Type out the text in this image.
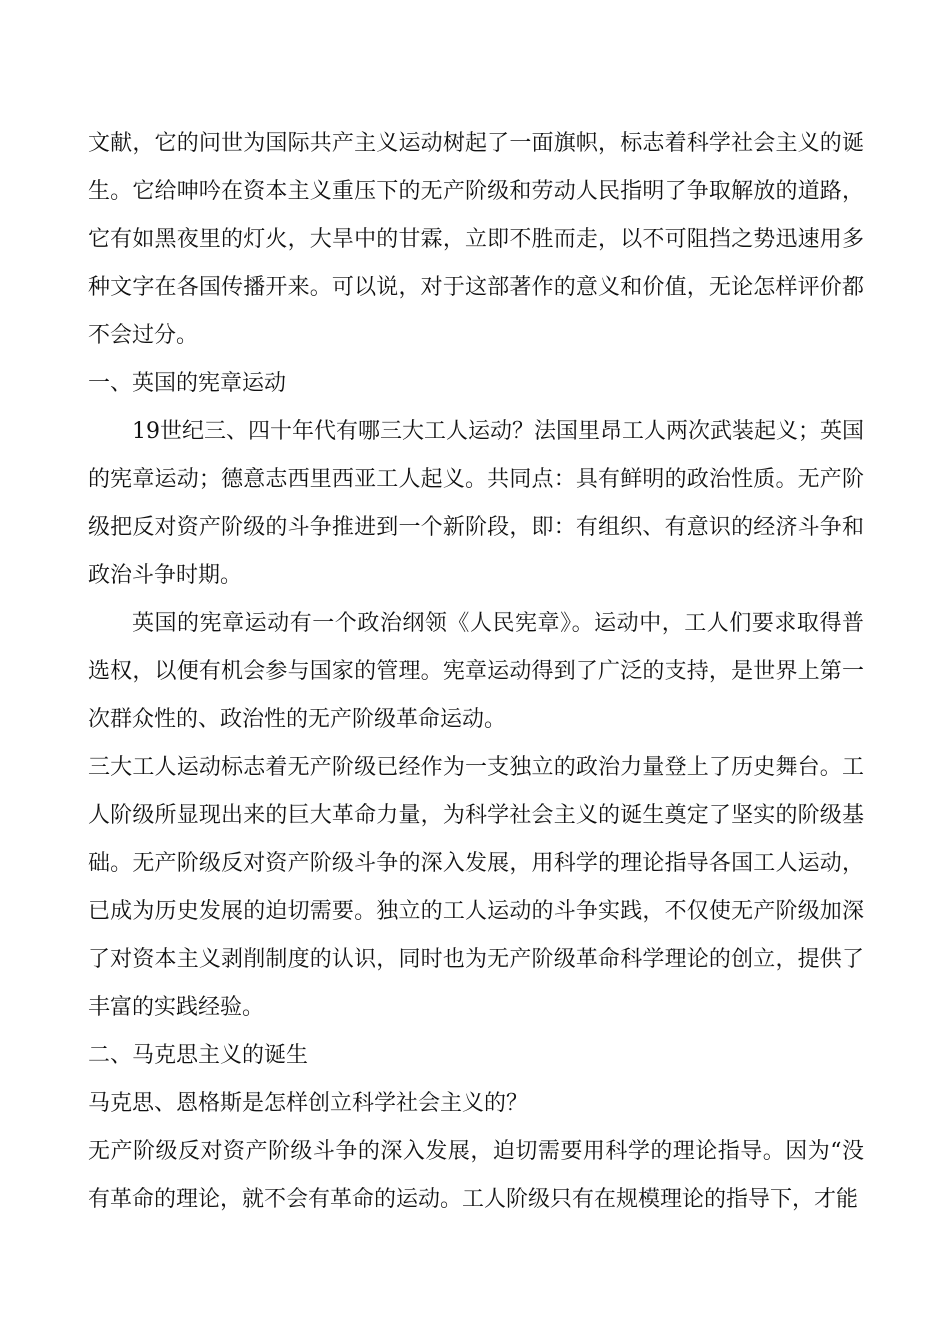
文献，它的问世为国际共产主义运动树起了一面旗帜，标志着科学社会主义的诞生。它给呻吟在资本主义重压下的无产阶级和劳动人民指明了争取解放的道路，它有如黑夜里的灯火，大旱中的甘霖，立即不胜而走，以不可阻挡之势迅速用多种文字在各国传播开来。可以说，对于这部著作的意义和价值，无论怎样评价都不会过分。

一、英国的宪章运动

19世纪三、四十年代有哪三大工人运动？法国里昂工人两次武装起义；英国的宪章运动；德意志西里西亚工人起义。共同点：具有鲜明的政治性质。无产阶级把反对资产阶级的斗争推进到一个新阶段，即：有组织、有意识的经济斗争和政治斗争时期。

英国的宪章运动有一个政治纲领《人民宪章》。运动中，工人们要求取得普选权，以便有机会参与国家的管理。宪章运动得到了广泛的支持，是世界上第一次群众性的、政治性的无产阶级革命运动。

三大工人运动标志着无产阶级已经作为一支独立的政治力量登上了历史舞台。工人阶级所显现出来的巨大革命力量，为科学社会主义的诞生奠定了坚实的阶级基础。无产阶级反对资产阶级斗争的深入发展，用科学的理论指导各国工人运动，已成为历史发展的迫切需要。独立的工人运动的斗争实践，不仅使无产阶级加深了对资本主义剥削制度的认识，同时也为无产阶级革命科学理论的创立，提供了丰富的实践经验。

二、马克思主义的诞生

马克思、恩格斯是怎样创立科学社会主义的？

无产阶级反对资产阶级斗争的深入发展，迫切需要用科学的理论指导。因为“没有革命的理论，就不会有革命的运动。工人阶级只有在规模理论的指导下，才能
